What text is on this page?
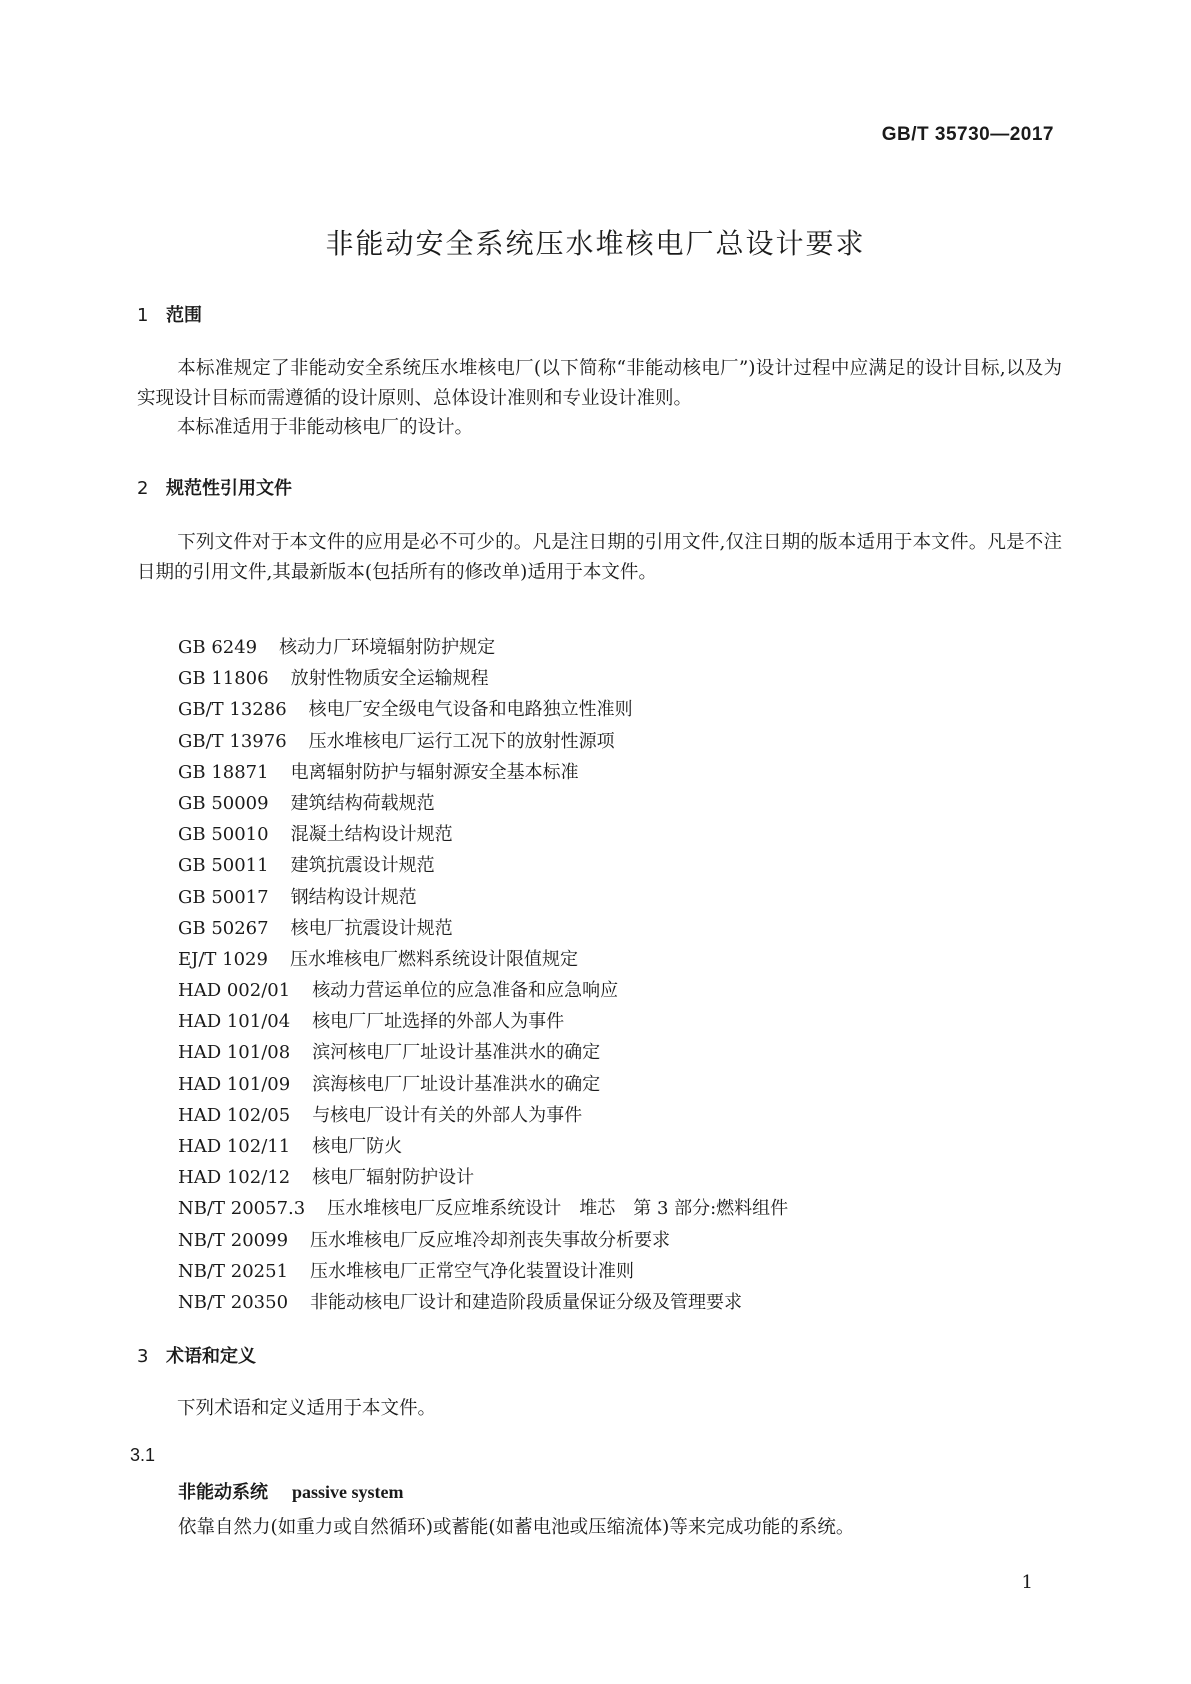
GB/T 35730—2017
非能动安全系统压水堆核电厂总设计要求
1 范围
本标准规定了非能动安全系统压水堆核电厂(以下简称“非能动核电厂”)设计过程中应满足的设计目标,以及为实现设计目标而需遵循的设计原则、总体设计准则和专业设计准则。
本标准适用于非能动核电厂的设计。
2 规范性引用文件
下列文件对于本文件的应用是必不可少的。凡是注日期的引用文件,仅注日期的版本适用于本文件。凡是不注日期的引用文件,其最新版本(包括所有的修改单)适用于本文件。
GB 6249 核动力厂环境辐射防护规定
GB 11806 放射性物质安全运输规程
GB/T 13286 核电厂安全级电气设备和电路独立性准则
GB/T 13976 压水堆核电厂运行工况下的放射性源项
GB 18871 电离辐射防护与辐射源安全基本标准
GB 50009 建筑结构荷载规范
GB 50010 混凝土结构设计规范
GB 50011 建筑抗震设计规范
GB 50017 钢结构设计规范
GB 50267 核电厂抗震设计规范
EJ/T 1029 压水堆核电厂燃料系统设计限值规定
HAD 002/01 核动力营运单位的应急准备和应急响应
HAD 101/04 核电厂厂址选择的外部人为事件
HAD 101/08 滨河核电厂厂址设计基准洪水的确定
HAD 101/09 滨海核电厂厂址设计基准洪水的确定
HAD 102/05 与核电厂设计有关的外部人为事件
HAD 102/11 核电厂防火
HAD 102/12 核电厂辐射防护设计
NB/T 20057.3 压水堆核电厂反应堆系统设计　堆芯　第 3 部分:燃料组件
NB/T 20099 压水堆核电厂反应堆冷却剂丧失事故分析要求
NB/T 20251 压水堆核电厂正常空气净化装置设计准则
NB/T 20350 非能动核电厂设计和建造阶段质量保证分级及管理要求
3 术语和定义
下列术语和定义适用于本文件。
3.1
非能动系统 passive system
依靠自然力(如重力或自然循环)或蓄能(如蓄电池或压缩流体)等来完成功能的系统。
1
